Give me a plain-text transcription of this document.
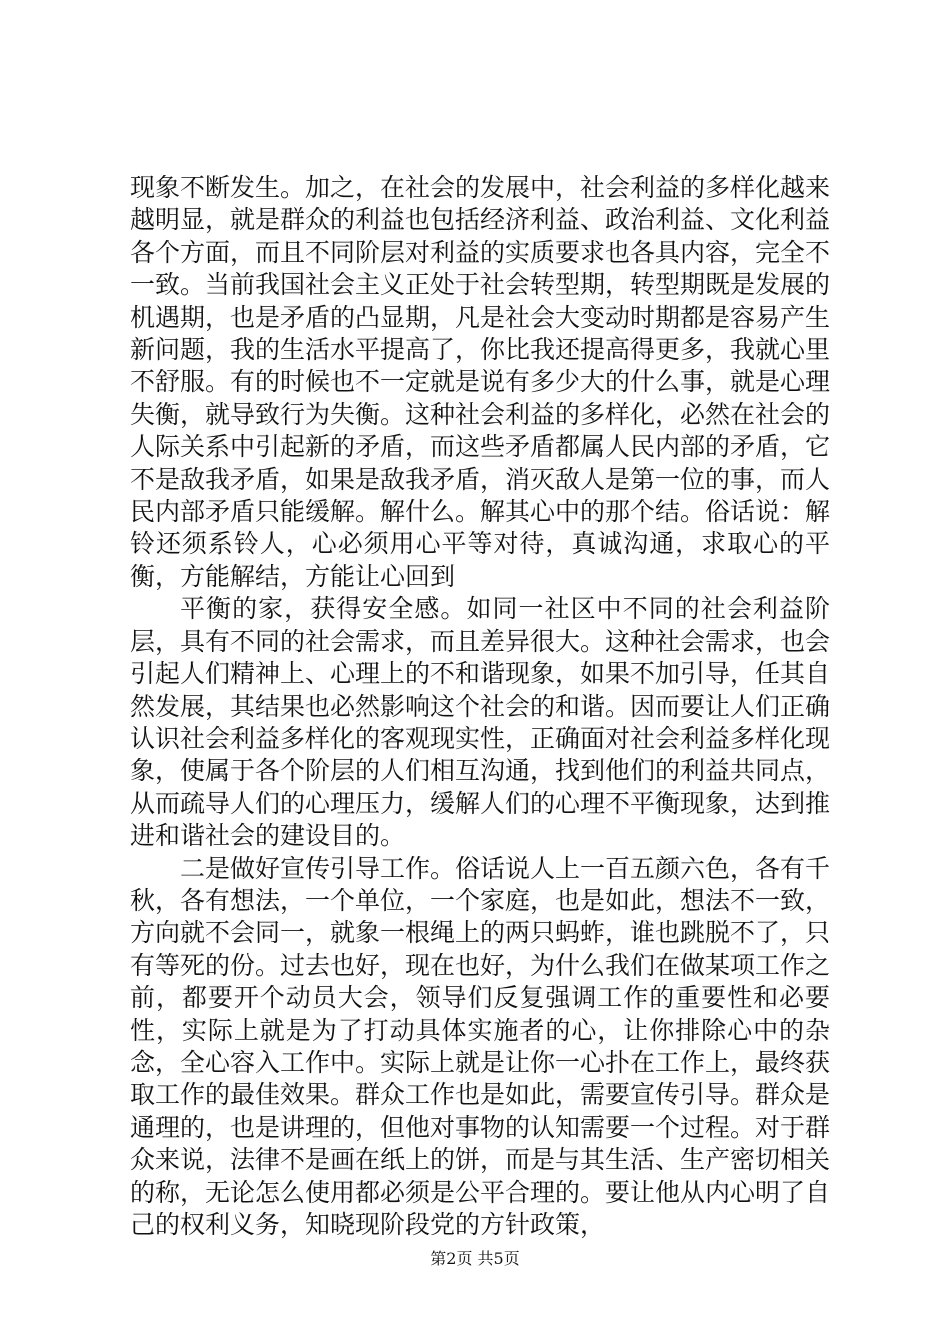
现象不断发生。加之，在社会的发展中，社会利益的多样化越来越明显，就是群众的利益也包括经济利益、政治利益、文化利益各个方面，而且不同阶层对利益的实质要求也各具内容，完全不一致。当前我国社会主义正处于社会转型期，转型期既是发展的机遇期，也是矛盾的凸显期，凡是社会大变动时期都是容易产生新问题，我的生活水平提高了，你比我还提高得更多，我就心里不舒服。有的时候也不一定就是说有多少大的什么事，就是心理失衡，就导致行为失衡。这种社会利益的多样化，必然在社会的人际关系中引起新的矛盾，而这些矛盾都属人民内部的矛盾，它不是敌我矛盾，如果是敌我矛盾，消灭敌人是第一位的事，而人民内部矛盾只能缓解。解什么。解其心中的那个结。俗话说：解铃还须系铃人，心必须用心平等对待，真诚沟通，求取心的平衡，方能解结，方能让心回到

平衡的家，获得安全感。如同一社区中不同的社会利益阶层，具有不同的社会需求，而且差异很大。这种社会需求，也会引起人们精神上、心理上的不和谐现象，如果不加引导，任其自然发展，其结果也必然影响这个社会的和谐。因而要让人们正确认识社会利益多样化的客观现实性，正确面对社会利益多样化现象，使属于各个阶层的人们相互沟通，找到他们的利益共同点，从而疏导人们的心理压力，缓解人们的心理不平衡现象，达到推进和谐社会的建设目的。

二是做好宣传引导工作。俗话说人上一百五颜六色，各有千秋，各有想法，一个单位，一个家庭，也是如此，想法不一致，方向就不会同一，就象一根绳上的两只蚂蚱，谁也跳脱不了，只有等死的份。过去也好，现在也好，为什么我们在做某项工作之前，都要开个动员大会，领导们反复强调工作的重要性和必要性，实际上就是为了打动具体实施者的心，让你排除心中的杂念，全心容入工作中。实际上就是让你一心扑在工作上，最终获取工作的最佳效果。群众工作也是如此，需要宣传引导。群众是通理的，也是讲理的，但他对事物的认知需要一个过程。对于群众来说，法律不是画在纸上的饼，而是与其生活、生产密切相关的称，无论怎么使用都必须是公平合理的。要让他从内心明了自己的权利义务，知晓现阶段党的方针政策，

第2页 共5页
